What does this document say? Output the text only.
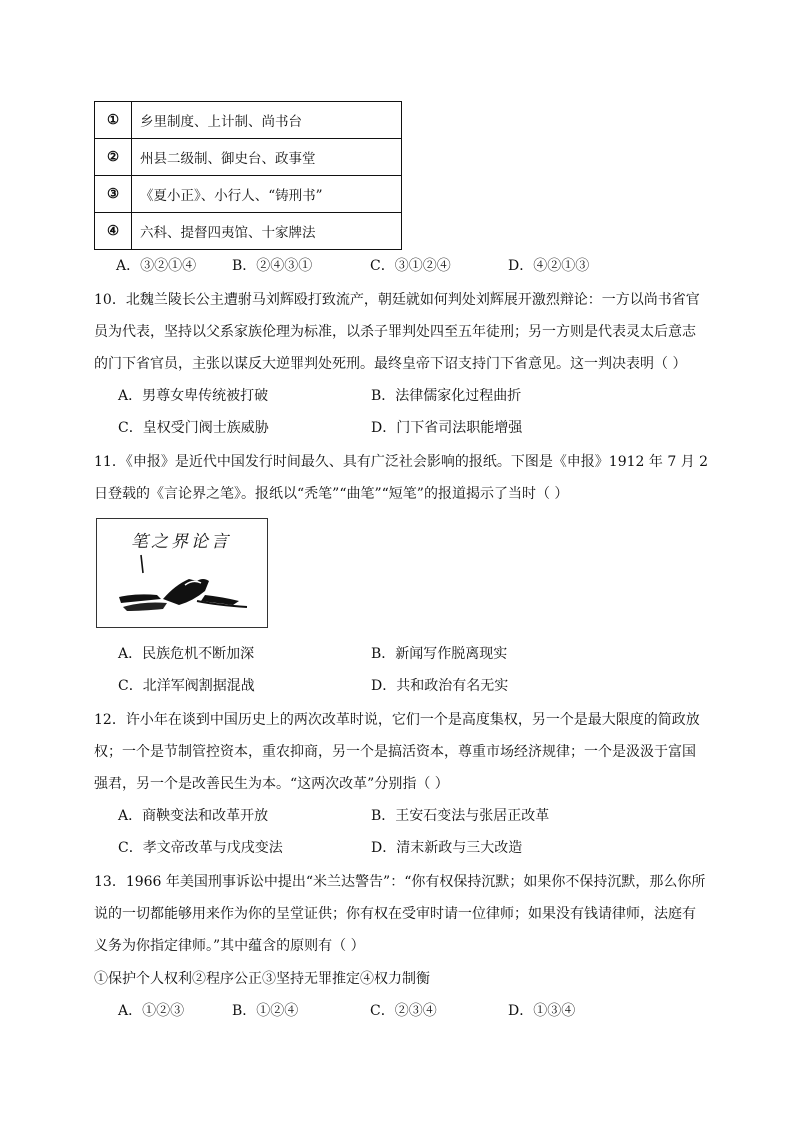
①	乡里制度、上计制、尚书台
②	州县二级制、御史台、政事堂
③	《夏小正》、小行人、“铸刑书”
④	六科、提督四夷馆、十家牌法
A．③②①④	B．②④③①	C．③①②④	D．④②①③
10．北魏兰陵长公主遭驸马刘辉殴打致流产，朝廷就如何判处刘辉展开激烈辩论：一方以尚书省官
员为代表，坚持以父系家族伦理为标准，以杀子罪判处四至五年徒刑；另一方则是代表灵太后意志
的门下省官员，主张以谋反大逆罪判处死刑。最终皇帝下诏支持门下省意见。这一判决表明（ ）
A．男尊女卑传统被打破	B．法律儒家化过程曲折
C．皇权受门阀士族威胁	D．门下省司法职能增强
11．《申报》是近代中国发行时间最久、具有广泛社会影响的报纸。下图是《申报》1912 年 7 月 2
日登载的《言论界之笔》。报纸以“秃笔”“曲笔”“短笔”的报道揭示了当时（ ）
笔之界论言
A．民族危机不断加深	B．新闻写作脱离现实
C．北洋军阀割据混战	D．共和政治有名无实
12．许小年在谈到中国历史上的两次改革时说，它们一个是高度集权，另一个是最大限度的简政放
权；一个是节制管控资本，重农抑商，另一个是搞活资本，尊重市场经济规律；一个是汲汲于富国
强君，另一个是改善民生为本。“这两次改革”分别指（ ）
A．商鞅变法和改革开放	B．王安石变法与张居正改革
C．孝文帝改革与戊戌变法	D．清末新政与三大改造
13．1966 年美国刑事诉讼中提出“米兰达警告”：“你有权保持沉默；如果你不保持沉默，那么你所
说的一切都能够用来作为你的呈堂证供；你有权在受审时请一位律师；如果没有钱请律师，法庭有
义务为你指定律师。”其中蕴含的原则有（ ）
①保护个人权利②程序公正③坚持无罪推定④权力制衡
A．①②③	B．①②④	C．②③④	D．①③④
